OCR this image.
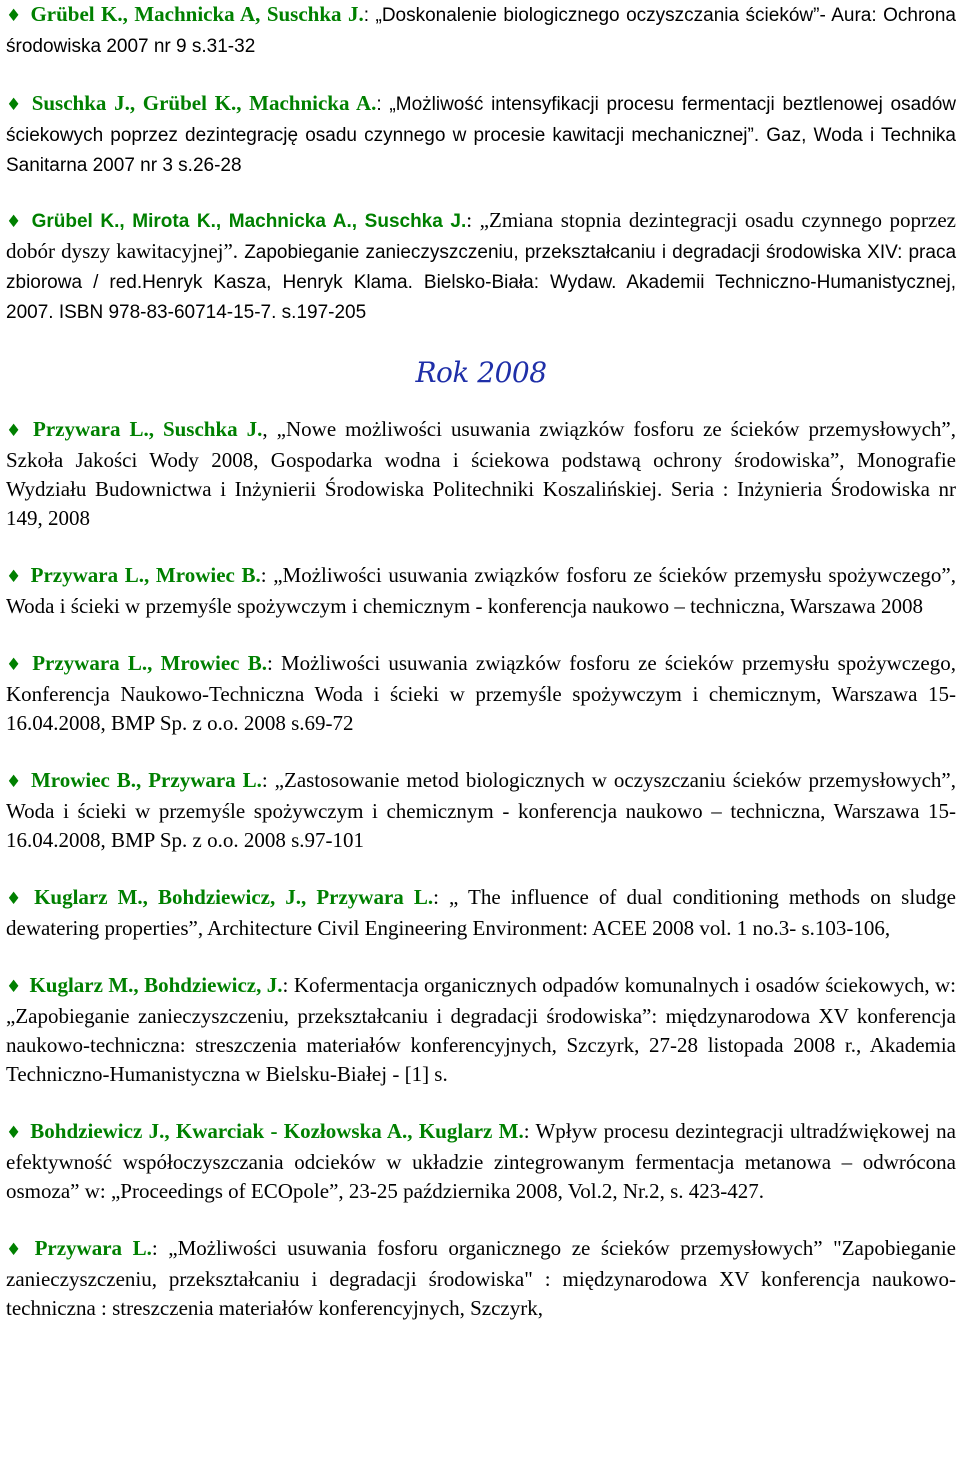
♦ Grübel K., Machnicka A, Suschka J.: „Doskonalenie biologicznego oczyszczania ścieków”- Aura: Ochrona środowiska 2007 nr 9 s.31-32

♦ Suschka J., Grübel K., Machnicka A.: „Możliwość intensyfikacji procesu fermentacji beztlenowej osadów ściekowych poprzez dezintegrację osadu czynnego w procesie kawitacji mechanicznej”. Gaz, Woda i Technika Sanitarna 2007 nr 3 s.26-28

♦ Grübel K., Mirota K., Machnicka A., Suschka J.: „Zmiana stopnia dezintegracji osadu czynnego poprzez dobór dyszy kawitacyjnej”. Zapobieganie zanieczyszczeniu, przekształcaniu i degradacji środowiska XIV: praca zbiorowa / red.Henryk Kasza, Henryk Klama. Bielsko-Biała: Wydaw. Akademii Techniczno-Humanistycznej, 2007. ISBN 978-83-60714-15-7. s.197-205

Rok 2008

♦ Przywara L., Suschka J., „Nowe możliwości usuwania związków fosforu ze ścieków przemysłowych”, Szkoła Jakości Wody 2008, Gospodarka wodna i ściekowa podstawą ochrony środowiska”, Monografie Wydziału Budownictwa i Inżynierii Środowiska Politechniki Koszalińskiej. Seria : Inżynieria Środowiska nr 149, 2008

♦ Przywara L., Mrowiec B.: „Możliwości usuwania związków fosforu ze ścieków przemysłu spożywczego”, Woda i ścieki w przemyśle spożywczym i chemicznym - konferencja naukowo – techniczna, Warszawa 2008

♦ Przywara L., Mrowiec B.: Możliwości usuwania związków fosforu ze ścieków przemysłu spożywczego, Konferencja Naukowo-Techniczna Woda i ścieki w przemyśle spożywczym i chemicznym, Warszawa 15-16.04.2008, BMP Sp. z o.o. 2008 s.69-72

♦ Mrowiec B., Przywara L.: „Zastosowanie metod biologicznych w oczyszczaniu ścieków przemysłowych”, Woda i ścieki w przemyśle spożywczym i chemicznym - konferencja naukowo – techniczna, Warszawa 15-16.04.2008, BMP Sp. z o.o. 2008 s.97-101

♦ Kuglarz M., Bohdziewicz, J., Przywara L.: „ The influence of dual conditioning methods on sludge dewatering properties”, Architecture Civil Engineering Environment: ACEE 2008 vol. 1 no.3- s.103-106,

♦ Kuglarz M., Bohdziewicz, J.: Kofermentacja organicznych odpadów komunalnych i osadów ściekowych, w: „Zapobieganie zanieczyszczeniu, przekształcaniu i degradacji środowiska”: międzynarodowa XV konferencja naukowo-techniczna: streszczenia materiałów konferencyjnych, Szczyrk, 27-28 listopada 2008 r., Akademia Techniczno-Humanistyczna w Bielsku-Białej - [1] s.

♦ Bohdziewicz J., Kwarciak - Kozłowska A., Kuglarz M.: Wpływ procesu dezintegracji ultradźwiękowej na efektywność współoczyszczania odcieków w układzie zintegrowanym fermentacja metanowa – odwrócona osmoza” w: „Proceedings of ECOpole”, 23-25 października 2008, Vol.2, Nr.2, s. 423-427.

♦ Przywara L.: „Możliwości usuwania fosforu organicznego ze ścieków przemysłowych” "Zapobieganie zanieczyszczeniu, przekształcaniu i degradacji środowiska" : międzynarodowa XV konferencja naukowo-techniczna : streszczenia materiałów konferencyjnych, Szczyrk,
